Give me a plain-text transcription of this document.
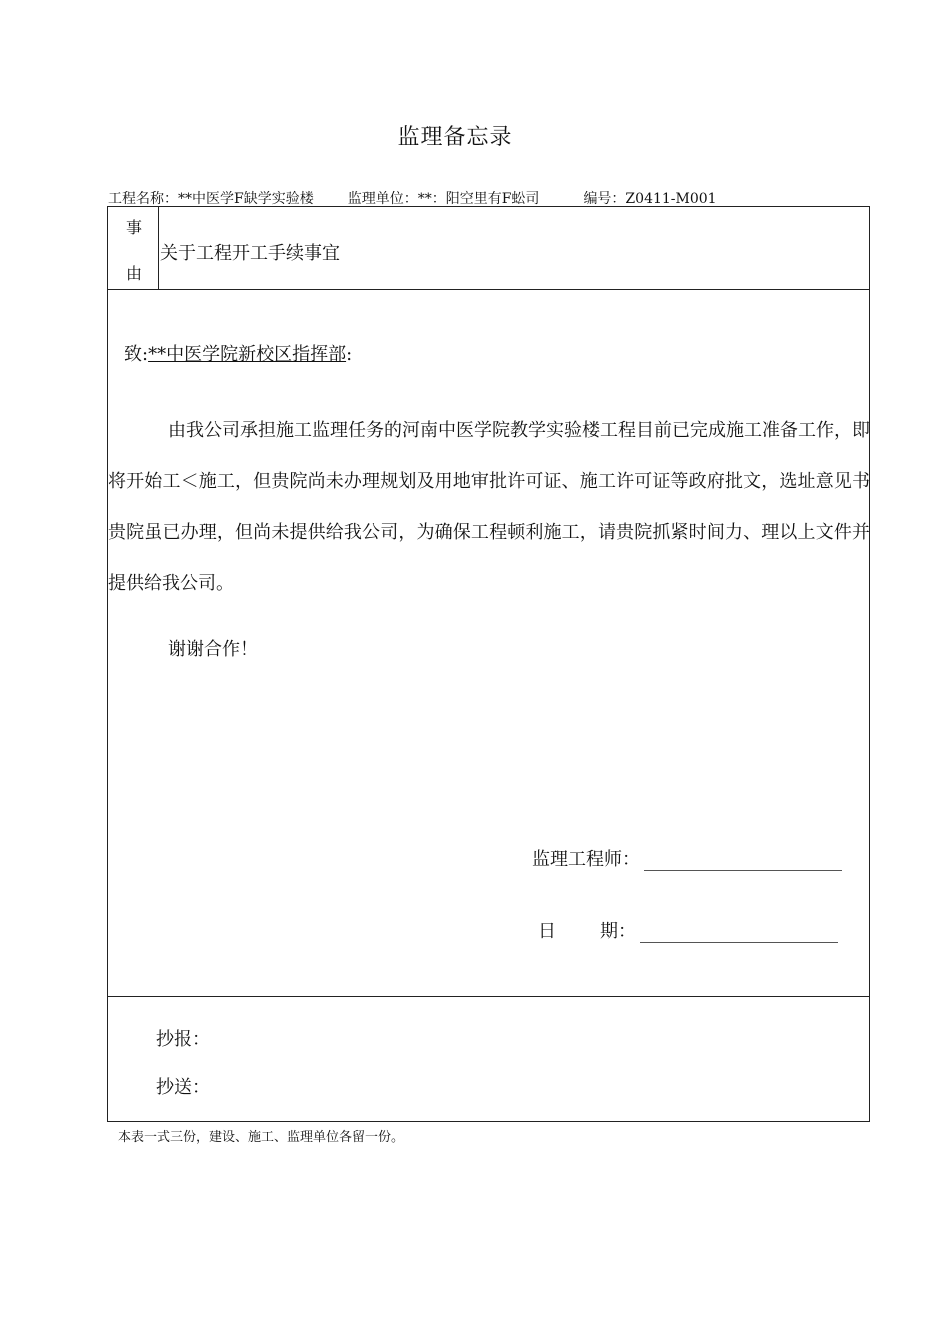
监理备忘录
工程名称：**中医学F缺学实验楼 监理单位：**：阳空里有F蚣司	编号：Z0411-M001
事
由
关于工程开工手续事宜
致:**中医学院新校区指挥部:
由我公司承担施工监理任务的河南中医学院教学实验楼工程目前已完成施工准备工作，即将开始工＜施工，但贵院尚未办理规划及用地审批许可证、施工许可证等政府批文，选址意见书贵院虽已办理，但尚未提供给我公司，为确保工程顿利施工，请贵院抓紧时间力、理以上文件并提供给我公司。
谢谢合作！
监理工程师：
日 期：
抄报：
抄送：
本表一式三份，建设、施工、监理单位各留一份。
